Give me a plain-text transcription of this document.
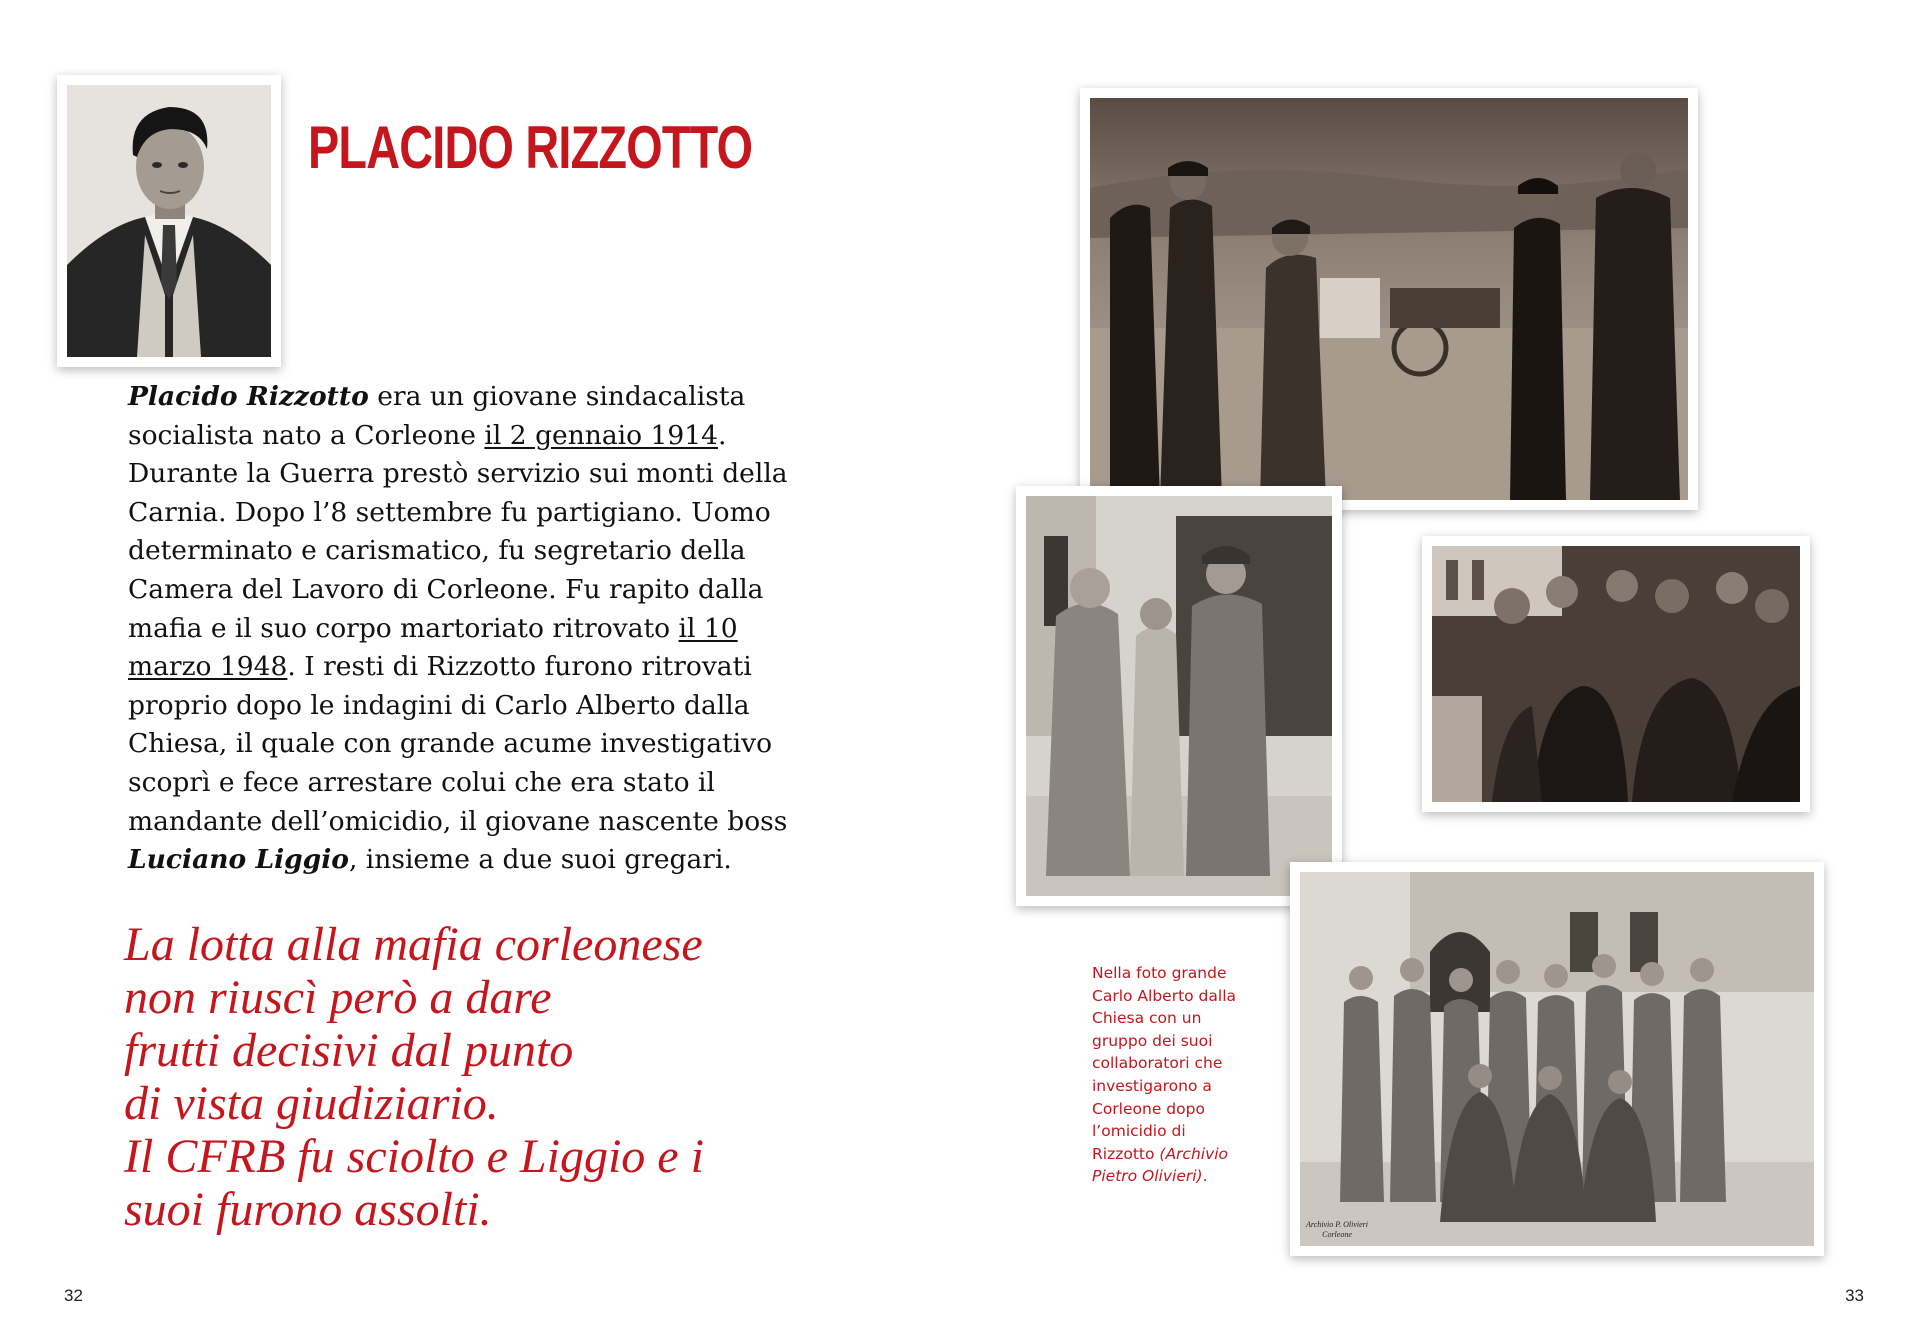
PLACIDO RIZZOTTO
Placido Rizzotto era un giovane sindacalista
socialista nato a Corleone il 2 gennaio 1914.
Durante la Guerra prestò servizio sui monti della
Carnia. Dopo l’8 settembre fu partigiano. Uomo
determinato e carismatico, fu segretario della
Camera del Lavoro di Corleone. Fu rapito dalla
mafia e il suo corpo martoriato ritrovato il 10
marzo 1948. I resti di Rizzotto furono ritrovati
proprio dopo le indagini di Carlo Alberto dalla
Chiesa, il quale con grande acume investigativo
scoprì e fece arrestare colui che era stato il
mandante dell’omicidio, il giovane nascente boss
Luciano Liggio, insieme a due suoi gregari.
La lotta alla mafia corleonese
non riuscì però a dare
frutti decisivi dal punto
di vista giudiziario.
Il CFRB fu sciolto e Liggio e i
suoi furono assolti.
32
Archivio P. Olivieri
Corleone
Nella foto grande
Carlo Alberto dalla
Chiesa con un
gruppo dei suoi
collaboratori che
investigarono a
Corleone dopo
l’omicidio di
Rizzotto (Archivio
Pietro Olivieri).
33
